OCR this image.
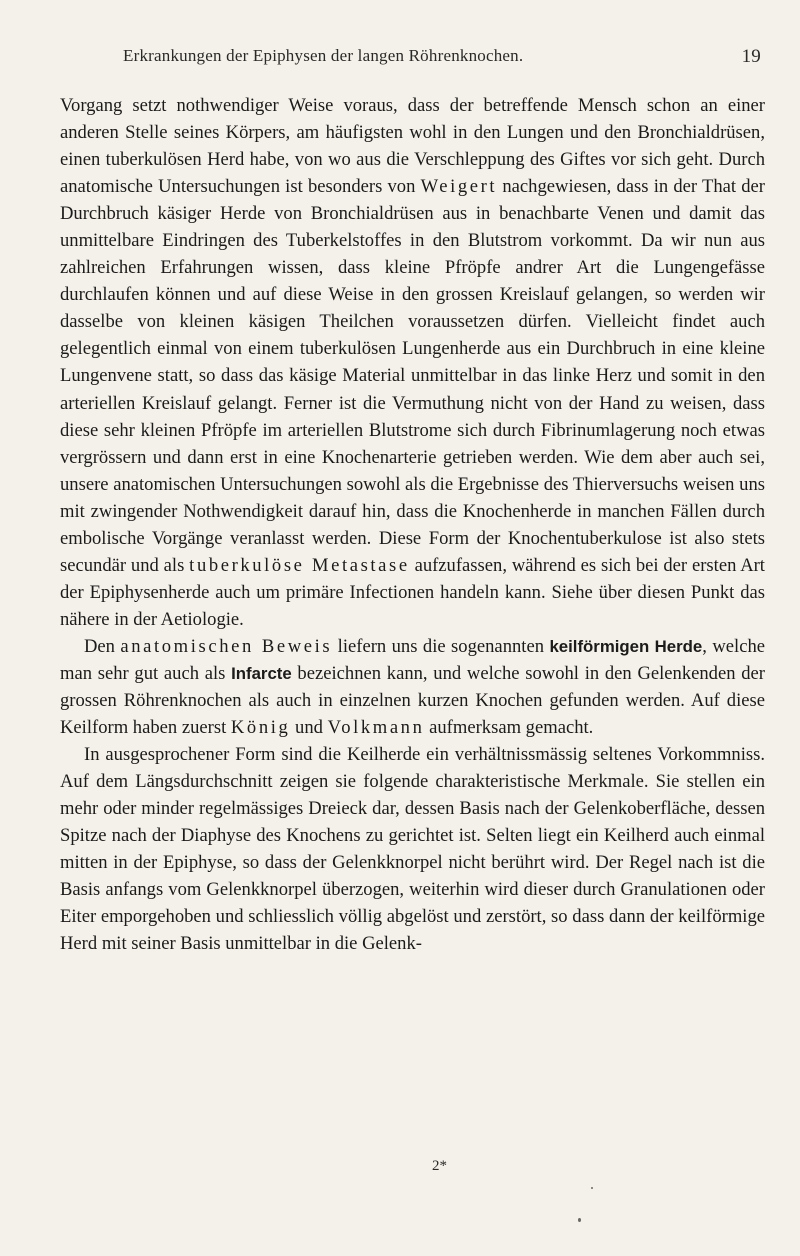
Erkrankungen der Epiphysen der langen Röhrenknochen.	19

Vorgang setzt nothwendiger Weise voraus, dass der betreffende Mensch schon an einer anderen Stelle seines Körpers, am häufigsten wohl in den Lungen und den Bronchialdrüsen, einen tuberkulösen Herd habe, von wo aus die Verschleppung des Giftes vor sich geht. Durch anatomische Untersuchungen ist besonders von Weigert nachgewiesen, dass in der That der Durchbruch käsiger Herde von Bronchialdrüsen aus in benachbarte Venen und damit das unmittelbare Eindringen des Tuberkelstoffes in den Blutstrom vorkommt. Da wir nun aus zahlreichen Erfahrungen wissen, dass kleine Pfröpfe andrer Art die Lungengefässe durchlaufen können und auf diese Weise in den grossen Kreislauf gelangen, so werden wir dasselbe von kleinen käsigen Theilchen voraussetzen dürfen. Vielleicht findet auch gelegentlich einmal von einem tuberkulösen Lungenherde aus ein Durchbruch in eine kleine Lungenvene statt, so dass das käsige Material unmittelbar in das linke Herz und somit in den arteriellen Kreislauf gelangt. Ferner ist die Vermuthung nicht von der Hand zu weisen, dass diese sehr kleinen Pfröpfe im arteriellen Blutstrome sich durch Fibrinumlagerung noch etwas vergrössern und dann erst in eine Knochenarterie getrieben werden. Wie dem aber auch sei, unsere anatomischen Untersuchungen sowohl als die Ergebnisse des Thierversuchs weisen uns mit zwingender Nothwendigkeit darauf hin, dass die Knochenherde in manchen Fällen durch embolische Vorgänge veranlasst werden. Diese Form der Knochentuberkulose ist also stets secundär und als tuberkulöse Metastase aufzufassen, während es sich bei der ersten Art der Epiphysenherde auch um primäre Infectionen handeln kann. Siehe über diesen Punkt das nähere in der Aetiologie.

Den anatomischen Beweis liefern uns die sogenannten keilförmigen Herde, welche man sehr gut auch als Infarcte bezeichnen kann, und welche sowohl in den Gelenkenden der grossen Röhrenknochen als auch in einzelnen kurzen Knochen gefunden werden. Auf diese Keilform haben zuerst König und Volkmann aufmerksam gemacht.

In ausgesprochener Form sind die Keilherde ein verhältnissmässig seltenes Vorkommniss. Auf dem Längsdurchschnitt zeigen sie folgende charakteristische Merkmale. Sie stellen ein mehr oder minder regelmässiges Dreieck dar, dessen Basis nach der Gelenkoberfläche, dessen Spitze nach der Diaphyse des Knochens zu gerichtet ist. Selten liegt ein Keilherd auch einmal mitten in der Epiphyse, so dass der Gelenkknorpel nicht berührt wird. Der Regel nach ist die Basis anfangs vom Gelenkknorpel überzogen, weiterhin wird dieser durch Granulationen oder Eiter emporgehoben und schliesslich völlig abgelöst und zerstört, so dass dann der keilförmige Herd mit seiner Basis unmittelbar in die Gelenk-

2*
